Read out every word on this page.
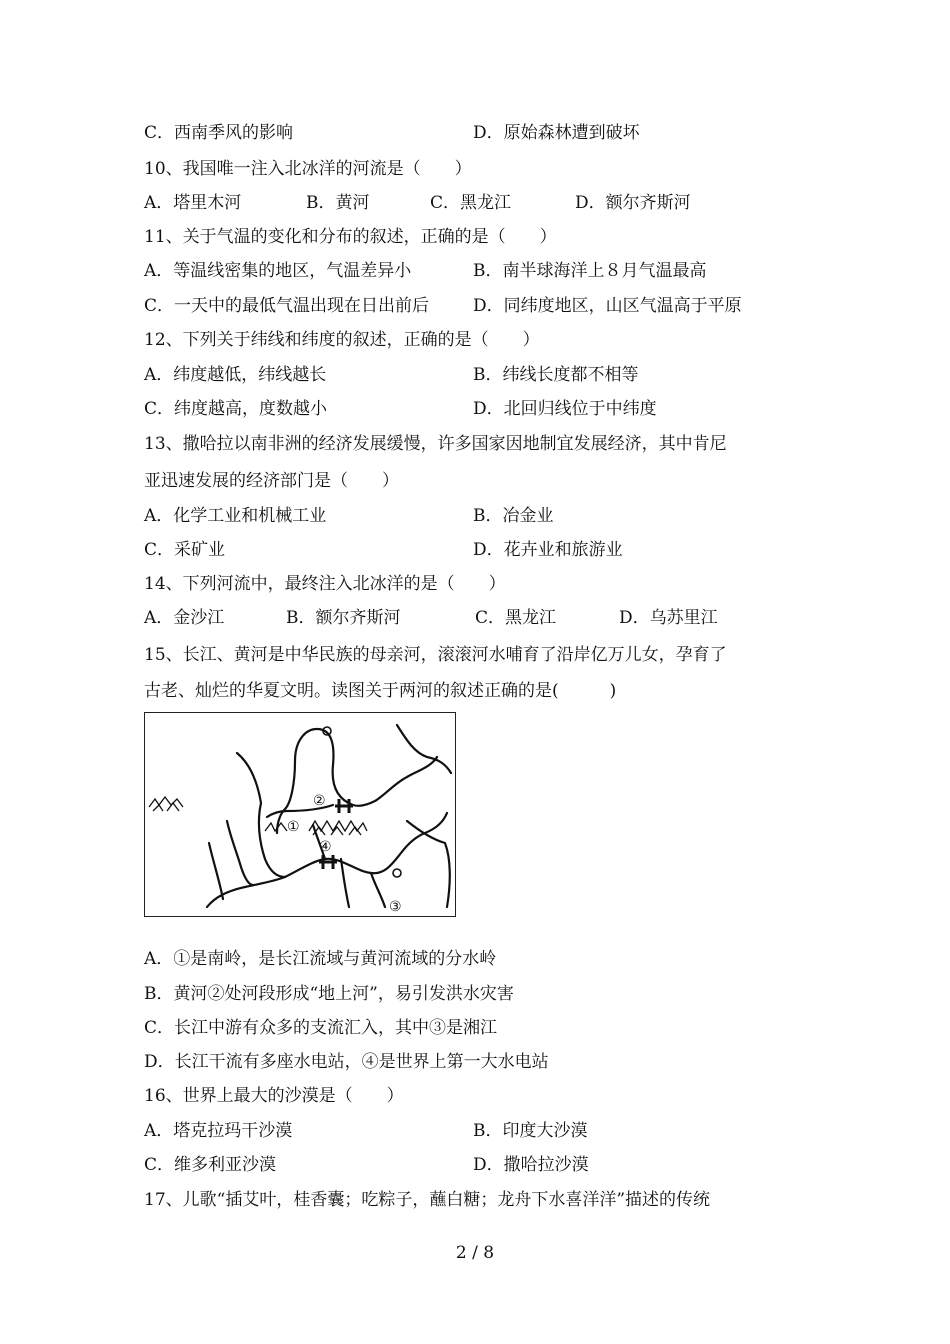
C．西南季风的影响	D．原始森林遭到破坏
10、我国唯一注入北冰洋的河流是（　　）
A．塔里木河	B．黄河	C．黑龙江	D．额尔齐斯河
11、关于气温的变化和分布的叙述，正确的是（　　）
A．等温线密集的地区，气温差异小	B．南半球海洋上８月气温最高
C．一天中的最低气温出现在日出前后	D．同纬度地区，山区气温高于平原
12、下列关于纬线和纬度的叙述，正确的是（　　）
A．纬度越低，纬线越长	B．纬线长度都不相等
C．纬度越高，度数越小	D．北回归线位于中纬度
13、撒哈拉以南非洲的经济发展缓慢，许多国家因地制宜发展经济，其中肯尼
亚迅速发展的经济部门是（　　）
A．化学工业和机械工业	B．冶金业
C．采矿业	D．花卉业和旅游业
14、下列河流中，最终注入北冰洋的是（　　）
A．金沙江	B．额尔齐斯河	C．黑龙江	D．乌苏里江
15、长江、黄河是中华民族的母亲河，滚滚河水哺育了沿岸亿万儿女，孕育了
古老、灿烂的华夏文明。读图关于两河的叙述正确的是(　　　)
②
①
④
③
A．①是南岭，是长江流域与黄河流域的分水岭
B．黄河②处河段形成“地上河”，易引发洪水灾害
C．长江中游有众多的支流汇入，其中③是湘江
D．长江干流有多座水电站，④是世界上第一大水电站
16、世界上最大的沙漠是（　　）
A．塔克拉玛干沙漠	B．印度大沙漠
C．维多利亚沙漠	D．撒哈拉沙漠
17、儿歌“插艾叶，桂香囊；吃粽子，蘸白糖；龙舟下水喜洋洋”描述的传统
2 / 8
